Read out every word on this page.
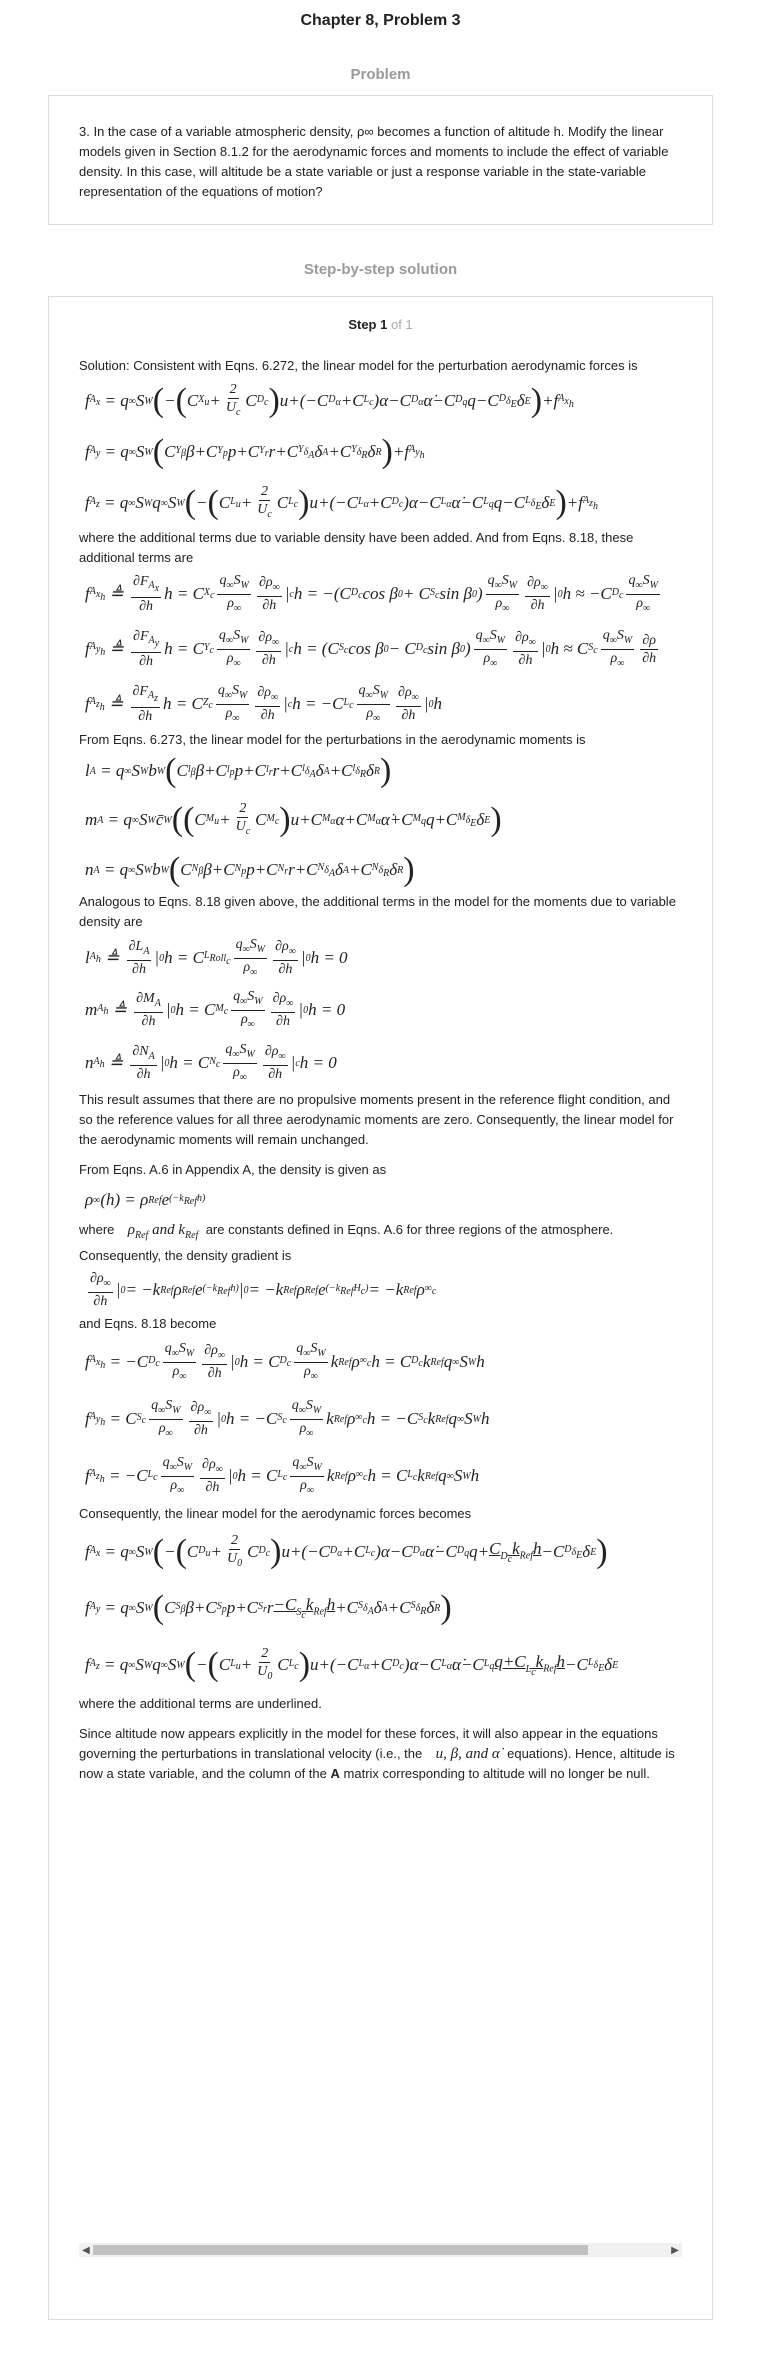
Chapter 8, Problem 3
Problem

3. In the case of a variable atmospheric density, ρ∞ becomes a function of altitude h. Modify the linear models given in Section 8.1.2 for the aerodynamic forces and moments to include the effect of variable density. In this case, will altitude be a state variable or just a response variable in the state-variable representation of the equations of motion?

Step-by-step solution
Step 1 of 1

Solution: Consistent with Eqns. 6.272, the linear model for the perturbation aerodynamic forces is

f $A_x = q$ ∞ S W ( − ( C $X_u + \frac{2}{U_c}$ C $D_c$ ) u+(−C $D_\alpha +C$ $L_c$ )α−C $D_{\alphȧ}$ α̇−C $D_q$ q−C $D_{\delta_E}$ δ E ) +f $A_{x_h}$
f $A_y = q$ ∞ S W ( C $Y_\beta$ β+C $Y_p$ p+C $Y_r$ r+C $Y_{\delta_A}$ δ A +C $Y_{\delta_R}$ δ R ) +f $A_{y_h}$
f $A_z = q$ ∞ S W q ∞ S W ( − ( C $L_u + \frac{2}{U_c}$ C $L_c$ ) u+(−C $L_\alpha +C$ $D_c$ )α−C $L_{\alphȧ}$ α̇−C $L_q$ q−C $L_{\delta_E}$ δ E ) +f $A_{z_h}$

where the additional terms due to variable density have been added. And from Eqns. 8.18, these additional terms are

f $A_{x_h}$ ≜ $\frac{\partial F_{A_x}}{\partial h}$ h = C $X_c \frac{q_\infty S_W}{\rho_\infty} \frac{\partial\rho_\infty}{\partial h}$ | c h = −(C $D_c$ cos β 0 + C $S_c$ sin β 0 ) $\frac{q_\infty S_W}{\rho_\infty} \frac{\partial\rho_\infty}{\partial h}$ | 0 h ≈ −C $D_c \frac{q_\infty S_W}{\rho_\infty}$
f $A_{y_h}$ ≜ $\frac{\partial F_{A_y}}{\partial h}$ h = C $Y_c \frac{q_\infty S_W}{\rho_\infty} \frac{\partial\rho_\infty}{\partial h}$ | c h = (C $S_c$ cos β 0 − C $D_c$ sin β 0 ) $\frac{q_\infty S_W}{\rho_\infty} \frac{\partial\rho_\infty}{\partial h}$ | 0 h ≈ C $S_c \frac{q_\infty S_W}{\rho_\infty} \frac{\partial\rho}{\partial h}$
f $A_{z_h}$ ≜ $\frac{\partial F_{A_z}}{\partial h}$ h = C $Z_c \frac{q_\infty S_W}{\rho_\infty} \frac{\partial\rho_\infty}{\partial h}$ | c h = −C $L_c \frac{q_\infty S_W}{\rho_\infty} \frac{\partial\rho_\infty}{\partial h}$ | 0 h

From Eqns. 6.273, the linear model for the perturbations in the aerodynamic moments is

l A = q ∞ S W b W ( C $l_\beta$ β+C $l_p$ p+C $l_r$ r+C $l_{\delta_A}$ δ A +C $l_{\delta_R}$ δ R )
m A = q ∞ S W c̄ W ( ( C $M_u + \frac{2}{U_c}$ C $M_c$ ) u+C $M_\alpha$ α+C $M_{\alphȧ}$ α̇+C $M_q$ q+C $M_{\delta_E}$ δ E )
n A = q ∞ S W b W ( C $N_\beta$ β+C $N_p$ p+C $N_r$ r+C $N_{\delta_A}$ δ A +C $N_{\delta_R}$ δ R )

Analogous to Eqns. 8.18 given above, the additional terms in the model for the moments due to variable density are

l $A_h$ ≜ $\frac{\partial L_A}{\partial h}$ | 0 h = C $L_{Roll_c} \frac{q_\infty S_W}{\rho_\infty} \frac{\partial\rho_\infty}{\partial h}$ | 0 h = 0
m $A_h$ ≜ $\frac{\partial M_A}{\partial h}$ | 0 h = C $M_c \frac{q_\infty S_W}{\rho_\infty} \frac{\partial\rho_\infty}{\partial h}$ | 0 h = 0
n $A_h$ ≜ $\frac{\partial N_A}{\partial h}$ | 0 h = C $N_c \frac{q_\infty S_W}{\rho_\infty} \frac{\partial\rho_\infty}{\partial h}$ | c h = 0

This result assumes that there are no propulsive moments present in the reference flight condition, and so the reference values for all three aerodynamic moments are zero. Consequently, the linear model for the aerodynamic moments will remain unchanged.

From Eqns. A.6 in Appendix A, the density is given as

ρ ∞ (h) = ρ Ref e $(-k_{Ref}h)$

where  $\rho_{Ref}$ and $k_{Ref}$ are constants defined in Eqns. A.6 for three regions of the atmosphere.

Consequently, the density gradient is

$\frac{\partial\rho_\infty}{\partial h}$ | 0 = −k Ref ρ Ref e $(-k_{Ref}h)$ | 0 = −k Ref ρ Ref e $(-k_{Ref}H_c) = -k$ Ref ρ $\infty_c$

and Eqns. 8.18 become

f $A_{x_h} = -C$ $D_c \frac{q_\infty S_W}{\rho_\infty} \frac{\partial\rho_\infty}{\partial h}$ | 0 h = C $D_c \frac{q_\infty S_W}{\rho_\infty}$ k Ref ρ $\infty_c$ h = C $D_c$ k Ref q ∞ S W h
f $A_{y_h} = C$ $S_c \frac{q_\infty S_W}{\rho_\infty} \frac{\partial\rho_\infty}{\partial h}$ | 0 h = −C $S_c \frac{q_\infty S_W}{\rho_\infty}$ k Ref ρ $\infty_c$ h = −C $S_c$ k Ref q ∞ S W h
f $A_{z_h} = -C$ $L_c \frac{q_\infty S_W}{\rho_\infty} \frac{\partial\rho_\infty}{\partial h}$ | 0 h = C $L_c \frac{q_\infty S_W}{\rho_\infty}$ k Ref ρ $\infty_c$ h = C $L_c$ k Ref q ∞ S W h

Consequently, the linear model for the aerodynamic forces becomes

f $A_x = q$ ∞ S W ( − ( C $D_u + \frac{2}{U_0}$ C $D_c$ ) u+(−C $D_\alpha +C$ $L_c$ )α−C $D_{\alphȧ}$ α̇−C $D_q$ $q+ C_{D_c}k_{Ref}h -C$ $D_{\delta_E}$ δ E )
f $A_y = q$ ∞ S W ( C $S_\beta$ β+C $S_p$ p+C $S_r$ $r -C_{S_c}k_{Ref}h +C$ $S_{\delta_A}$ δ A +C $S_{\delta_R}$ δ R )
f $A_z = q$ ∞ S W q ∞ S W ( − ( C $L_u + \frac{2}{U_0}$ C $L_c$ ) u+(−C $L_\alpha +C$ $D_c$ )α−C $L_{\alphȧ}$ α̇−C $L_q$ $q+C_{L_c}k_{Ref}h -C$ $L_{\delta_E}$ δ E

where the additional terms are underlined.

Since altitude now appears explicitly in the model for these forces, it will also appear in the equations governing the perturbations in translational velocity (i.e., the  u, β, and α̇  equations). Hence, altitude is now a state variable, and the column of the A matrix corresponding to altitude will no longer be null.

◀	▶
